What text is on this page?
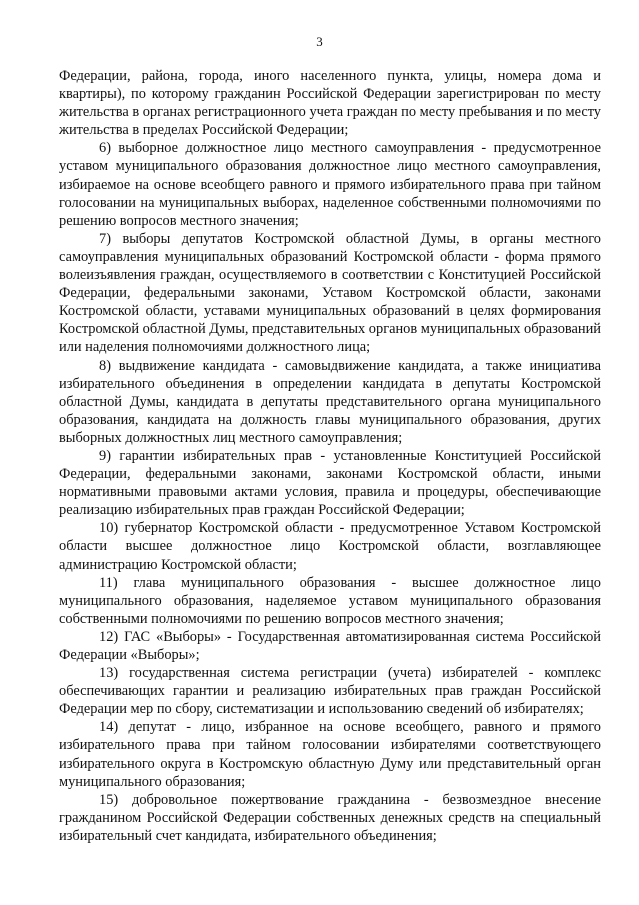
3

Федерации, района, города, иного населенного пункта, улицы, номера дома и квартиры), по которому гражданин Российской Федерации зарегистрирован по месту жительства в органах регистрационного учета граждан по месту пребывания и по месту жительства в пределах Российской Федерации;

6) выборное должностное лицо местного самоуправления - предусмотренное уставом муниципального образования должностное лицо местного самоуправления, избираемое на основе всеобщего равного и прямого избирательного права при тайном голосовании на муниципальных выборах, наделенное собственными полномочиями по решению вопросов местного значения;

7) выборы депутатов Костромской областной Думы, в органы местного самоуправления муниципальных образований Костромской области - форма прямого волеизъявления граждан, осуществляемого в соответствии с Конституцией Российской Федерации, федеральными законами, Уставом Костромской области, законами Костромской области, уставами муниципальных образований в целях формирования Костромской областной Думы, представительных органов муниципальных образований или наделения полномочиями должностного лица;

8) выдвижение кандидата - самовыдвижение кандидата, а также инициатива избирательного объединения в определении кандидата в депутаты Костромской областной Думы, кандидата в депутаты представительного органа муниципального образования, кандидата на должность главы муниципального образования, других выборных должностных лиц местного самоуправления;

9) гарантии избирательных прав - установленные Конституцией Российской Федерации, федеральными законами, законами Костромской области, иными нормативными правовыми актами условия, правила и процедуры, обеспечивающие реализацию избирательных прав граждан Российской Федерации;

10) губернатор Костромской области - предусмотренное Уставом Костромской области высшее должностное лицо Костромской области, возглавляющее администрацию Костромской области;

11) глава муниципального образования - высшее должностное лицо муниципального образования, наделяемое уставом муниципального образования собственными полномочиями по решению вопросов местного значения;

12) ГАС «Выборы» - Государственная автоматизированная система Российской Федерации «Выборы»;

13) государственная система регистрации (учета) избирателей - комплекс обеспечивающих гарантии и реализацию избирательных прав граждан Российской Федерации мер по сбору, систематизации и использованию сведений об избирателях;

14) депутат - лицо, избранное на основе всеобщего, равного и прямого избирательного права при тайном голосовании избирателями соответствующего избирательного округа в Костромскую областную Думу или представительный орган муниципального образования;

15) добровольное пожертвование гражданина - безвозмездное внесение гражданином Российской Федерации собственных денежных средств на специальный избирательный счет кандидата, избирательного объединения;
